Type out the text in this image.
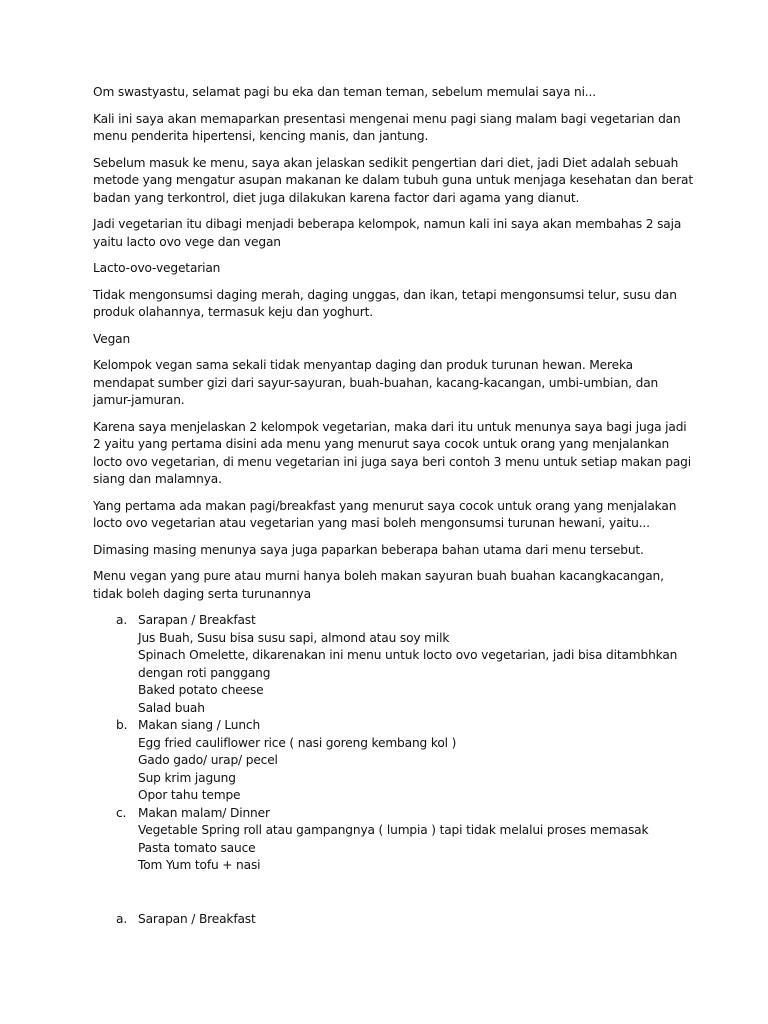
Om swastyastu, selamat pagi bu eka dan teman teman, sebelum memulai saya ni...

Kali ini saya akan memaparkan presentasi mengenai menu pagi siang malam bagi vegetarian dan menu penderita hipertensi, kencing manis, dan jantung.

Sebelum masuk ke menu, saya akan jelaskan sedikit pengertian dari diet, jadi Diet adalah sebuah metode yang mengatur asupan makanan ke dalam tubuh guna untuk menjaga kesehatan dan berat badan yang terkontrol, diet juga dilakukan karena factor dari agama yang dianut.

Jadi vegetarian itu dibagi menjadi beberapa kelompok, namun kali ini saya akan membahas 2 saja yaitu lacto ovo vege dan vegan

Lacto-ovo-vegetarian

Tidak mengonsumsi daging merah, daging unggas, dan ikan, tetapi mengonsumsi telur, susu dan produk olahannya, termasuk keju dan yoghurt.

Vegan

Kelompok vegan sama sekali tidak menyantap daging dan produk turunan hewan. Mereka mendapat sumber gizi dari sayur-sayuran, buah-buahan, kacang-kacangan, umbi-umbian, dan jamur-jamuran.

Karena saya menjelaskan 2 kelompok vegetarian, maka dari itu untuk menunya saya bagi juga jadi 2 yaitu yang pertama disini ada menu yang menurut saya cocok untuk orang yang menjalankan locto ovo vegetarian, di menu vegetarian ini juga saya beri contoh 3 menu untuk setiap makan pagi siang dan malamnya.

Yang pertama ada makan pagi/breakfast yang menurut saya cocok untuk orang yang menjalakan locto ovo vegetarian atau vegetarian yang masi boleh mengonsumsi turunan hewani, yaitu...

Dimasing masing menunya saya juga paparkan beberapa bahan utama dari menu tersebut.

Menu vegan yang pure atau murni hanya boleh makan sayuran buah buahan kacangkacangan, tidak boleh daging serta turunannya

a. Sarapan / Breakfast
Jus Buah, Susu bisa susu sapi, almond atau soy milk
Spinach Omelette, dikarenakan ini menu untuk locto ovo vegetarian, jadi bisa ditambhkan dengan roti panggang
Baked potato cheese
Salad buah
b. Makan siang / Lunch
Egg fried cauliflower rice ( nasi goreng kembang kol )
Gado gado/ urap/ pecel
Sup krim jagung
Opor tahu tempe
c. Makan malam/ Dinner
Vegetable Spring roll atau gampangnya ( lumpia ) tapi tidak melalui proses memasak
Pasta tomato sauce
Tom Yum tofu + nasi
a. Sarapan / Breakfast
